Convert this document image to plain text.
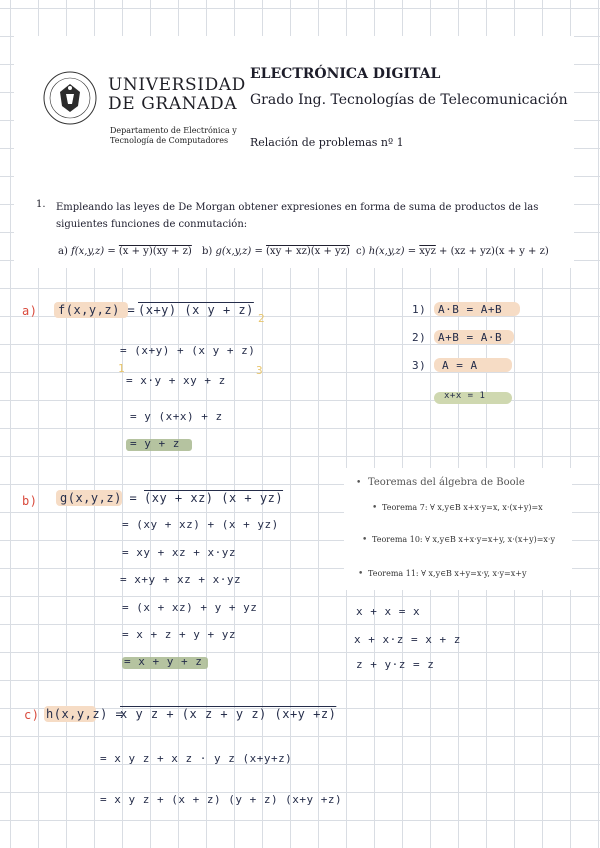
UNIVERSIDAD
DE GRANADA
Departamento de Electrónica y
Tecnología de Computadores
ELECTRÓNICA DIGITAL
Grado Ing. Tecnologías de Telecomunicación
Relación de problemas nº 1
1. Empleando las leyes de De Morgan obtener expresiones en forma de suma de productos de las siguientes funciones de conmutación:
a) f(x,y,z) = (x + y)(xy + z) b) g(x,y,z) = (xy + xz)(x + yz) c) $h(x,y,z) = \overline{xyz} + (xz + yz)(x + y + z)$
a) f(x,y,z) = (x+y) (x y + z)
2
= (x+y) + (x y + z)
1	3
= x·y + xy + z
= y (x+x) + z
= y + z
1) A·B = A+B
2) A+B = A·B
3) A = A
x+x = 1
b) g(x,y,z) = (xy + xz) (x + yz)
= (xy + xz) + (x + yz)
= xy + xz + x·yz
= x+y + xz + x·yz
= (x + xz) + y + yz
= x + z + y + yz
= x + y + z
• Teoremas del álgebra de Boole
• Teorema 7: ∀ x,y∈B x+x·y=x, x·(x+y)=x
• Teorema 10: ∀ x,y∈B x+x·y=x+y, x·(x+y)=x·y
• Teorema 11: ∀ x,y∈B x+y=x·y, x·y=x+y
x + x = x
x + x·z = x + z
z + y·z = z
c) h(x,y,z) =
x y z + (x z + y z) (x+y +z)
= x y z + x z · y z (x+y+z)
= x y z + (x + z) (y + z) (x+y +z)
